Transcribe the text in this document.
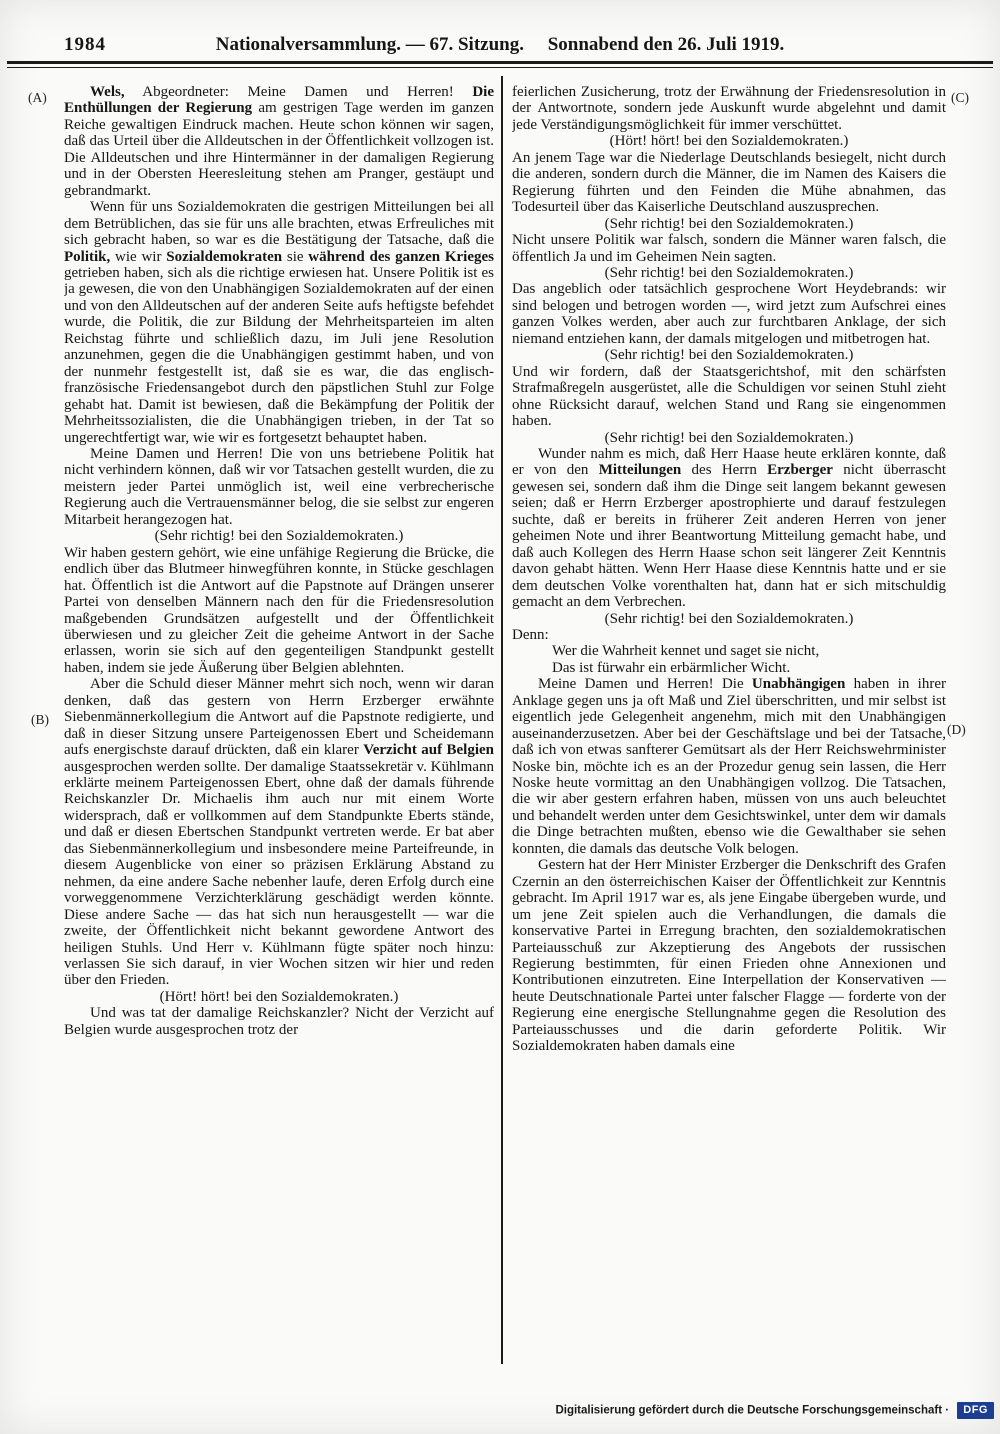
1984	Nationalversammlung. — 67. Sitzung.  Sonnabend den 26. Juli 1919.
(A)
(B)
(C)
(D)

Wels, Abgeordneter: Meine Damen und Herren! Die Enthüllungen der Regierung am gestrigen Tage werden im ganzen Reiche gewaltigen Eindruck machen. Heute schon können wir sagen, daß das Urteil über die Alldeutschen in der Öffentlichkeit vollzogen ist. Die Alldeutschen und ihre Hintermänner in der damaligen Regierung und in der Obersten Heeresleitung stehen am Pranger, gestäupt und gebrandmarkt.

Wenn für uns Sozialdemokraten die gestrigen Mitteilungen bei all dem Betrüblichen, das sie für uns alle brachten, etwas Erfreuliches mit sich gebracht haben, so war es die Bestätigung der Tatsache, daß die Politik, wie wir Sozialdemokraten sie während des ganzen Krieges getrieben haben, sich als die richtige erwiesen hat. Unsere Politik ist es ja gewesen, die von den Unabhängigen Sozialdemokraten auf der einen und von den Alldeutschen auf der anderen Seite aufs heftigste befehdet wurde, die Politik, die zur Bildung der Mehrheitsparteien im alten Reichstag führte und schließlich dazu, im Juli jene Resolution anzunehmen, gegen die die Unabhängigen gestimmt haben, und von der nunmehr festgestellt ist, daß sie es war, die das englisch-französische Friedensangebot durch den päpstlichen Stuhl zur Folge gehabt hat. Damit ist bewiesen, daß die Bekämpfung der Politik der Mehrheitssozialisten, die die Unabhängigen trieben, in der Tat so ungerechtfertigt war, wie wir es fortgesetzt behauptet haben.

Meine Damen und Herren! Die von uns betriebene Politik hat nicht verhindern können, daß wir vor Tatsachen gestellt wurden, die zu meistern jeder Partei unmöglich ist, weil eine verbrecherische Regierung auch die Vertrauensmänner belog, die sie selbst zur engeren Mitarbeit herangezogen hat.

(Sehr richtig! bei den Sozialdemokraten.)

Wir haben gestern gehört, wie eine unfähige Regierung die Brücke, die endlich über das Blutmeer hinwegführen konnte, in Stücke geschlagen hat. Öffentlich ist die Antwort auf die Papstnote auf Drängen unserer Partei von denselben Männern nach den für die Friedensresolution maßgebenden Grundsätzen aufgestellt und der Öffentlichkeit überwiesen und zu gleicher Zeit die geheime Antwort in der Sache erlassen, worin sie sich auf den gegenteiligen Standpunkt gestellt haben, indem sie jede Äußerung über Belgien ablehnten.

Aber die Schuld dieser Männer mehrt sich noch, wenn wir daran denken, daß das gestern von Herrn Erzberger erwähnte Siebenmännerkollegium die Antwort auf die Papstnote redigierte, und daß in dieser Sitzung unsere Parteigenossen Ebert und Scheidemann aufs energischste darauf drückten, daß ein klarer Verzicht auf Belgien ausgesprochen werden sollte. Der damalige Staatssekretär v. Kühlmann erklärte meinem Parteigenossen Ebert, ohne daß der damals führende Reichskanzler Dr. Michaelis ihm auch nur mit einem Worte widersprach, daß er vollkommen auf dem Standpunkte Eberts stände, und daß er diesen Ebertschen Standpunkt vertreten werde. Er bat aber das Siebenmännerkollegium und insbesondere meine Parteifreunde, in diesem Augenblicke von einer so präzisen Erklärung Abstand zu nehmen, da eine andere Sache nebenher laufe, deren Erfolg durch eine vorweggenommene Verzichterklärung geschädigt werden könnte. Diese andere Sache — das hat sich nun herausgestellt — war die zweite, der Öffentlichkeit nicht bekannt gewordene Antwort des heiligen Stuhls. Und Herr v. Kühlmann fügte später noch hinzu: verlassen Sie sich darauf, in vier Wochen sitzen wir hier und reden über den Frieden.

(Hört! hört! bei den Sozialdemokraten.)

Und was tat der damalige Reichskanzler? Nicht der Verzicht auf Belgien wurde ausgesprochen trotz der

feierlichen Zusicherung, trotz der Erwähnung der Friedensresolution in der Antwortnote, sondern jede Auskunft wurde abgelehnt und damit jede Verständigungsmöglichkeit für immer verschüttet.

(Hört! hört! bei den Sozialdemokraten.)

An jenem Tage war die Niederlage Deutschlands besiegelt, nicht durch die anderen, sondern durch die Männer, die im Namen des Kaisers die Regierung führten und den Feinden die Mühe abnahmen, das Todesurteil über das Kaiserliche Deutschland auszusprechen.

(Sehr richtig! bei den Sozialdemokraten.)

Nicht unsere Politik war falsch, sondern die Männer waren falsch, die öffentlich Ja und im Geheimen Nein sagten.

(Sehr richtig! bei den Sozialdemokraten.)

Das angeblich oder tatsächlich gesprochene Wort Heydebrands: wir sind belogen und betrogen worden —, wird jetzt zum Aufschrei eines ganzen Volkes werden, aber auch zur furchtbaren Anklage, der sich niemand entziehen kann, der damals mitgelogen und mitbetrogen hat.

(Sehr richtig! bei den Sozialdemokraten.)

Und wir fordern, daß der Staatsgerichtshof, mit den schärfsten Strafmaßregeln ausgerüstet, alle die Schuldigen vor seinen Stuhl zieht ohne Rücksicht darauf, welchen Stand und Rang sie eingenommen haben.

(Sehr richtig! bei den Sozialdemokraten.)

Wunder nahm es mich, daß Herr Haase heute erklären konnte, daß er von den Mitteilungen des Herrn Erzberger nicht überrascht gewesen sei, sondern daß ihm die Dinge seit langem bekannt gewesen seien; daß er Herrn Erzberger apostrophierte und darauf festzulegen suchte, daß er bereits in früherer Zeit anderen Herren von jener geheimen Note und ihrer Beantwortung Mitteilung gemacht habe, und daß auch Kollegen des Herrn Haase schon seit längerer Zeit Kenntnis davon gehabt hätten. Wenn Herr Haase diese Kenntnis hatte und er sie dem deutschen Volke vorenthalten hat, dann hat er sich mitschuldig gemacht an dem Verbrechen.

(Sehr richtig! bei den Sozialdemokraten.)

Denn:

Wer die Wahrheit kennet und saget sie nicht,

Das ist fürwahr ein erbärmlicher Wicht.

Meine Damen und Herren! Die Unabhängigen haben in ihrer Anklage gegen uns ja oft Maß und Ziel überschritten, und mir selbst ist eigentlich jede Gelegenheit angenehm, mich mit den Unabhängigen auseinanderzusetzen. Aber bei der Geschäftslage und bei der Tatsache, daß ich von etwas sanfterer Gemütsart als der Herr Reichswehrminister Noske bin, möchte ich es an der Prozedur genug sein lassen, die Herr Noske heute vormittag an den Unabhängigen vollzog. Die Tatsachen, die wir aber gestern erfahren haben, müssen von uns auch beleuchtet und behandelt werden unter dem Gesichtswinkel, unter dem wir damals die Dinge betrachten mußten, ebenso wie die Gewalthaber sie sehen konnten, die damals das deutsche Volk belogen.

Gestern hat der Herr Minister Erzberger die Denkschrift des Grafen Czernin an den österreichischen Kaiser der Öffentlichkeit zur Kenntnis gebracht. Im April 1917 war es, als jene Eingabe übergeben wurde, und um jene Zeit spielen auch die Verhandlungen, die damals die konservative Partei in Erregung brachten, den sozialdemokratischen Parteiausschuß zur Akzeptierung des Angebots der russischen Regierung bestimmten, für einen Frieden ohne Annexionen und Kontributionen einzutreten. Eine Interpellation der Konservativen — heute Deutschnationale Partei unter falscher Flagge — forderte von der Regierung eine energische Stellungnahme gegen die Resolution des Parteiausschusses und die darin geforderte Politik. Wir Sozialdemokraten haben damals eine

Digitalisierung gefördert durch die Deutsche Forschungsgemeinschaft · DFG
